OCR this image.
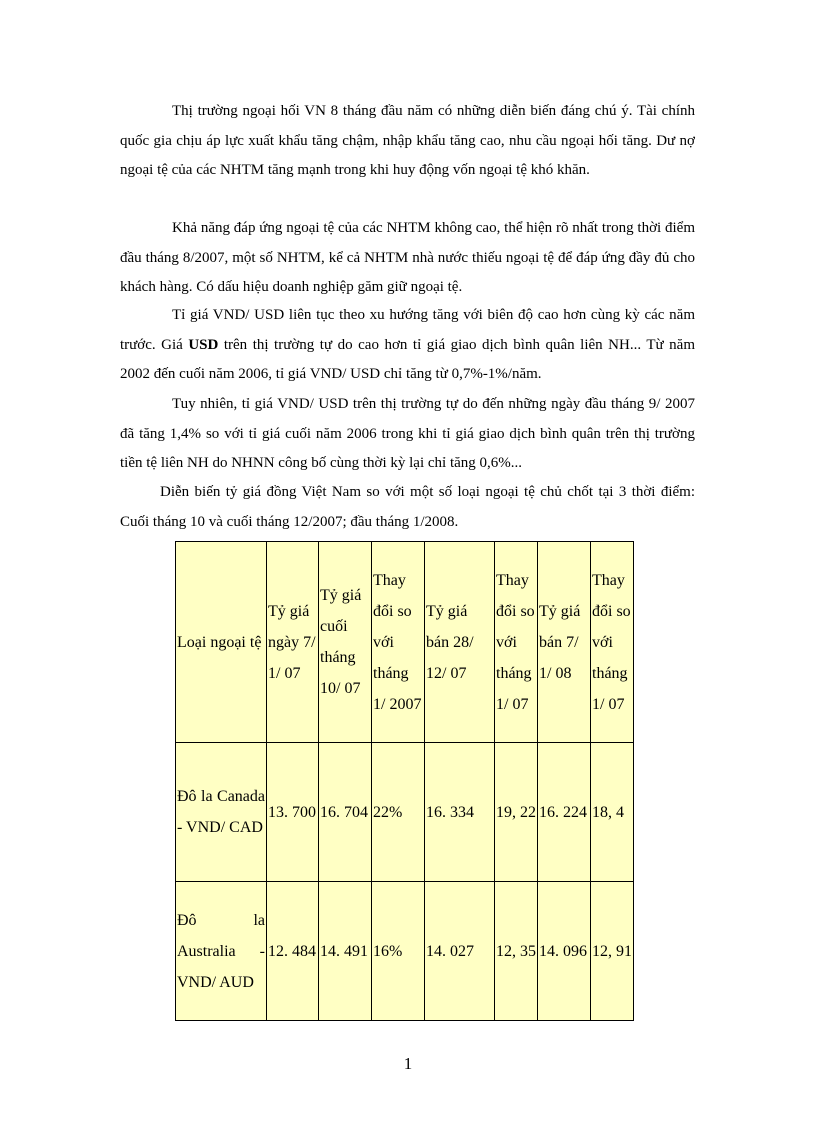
Thị trường ngoại hối VN 8 tháng đầu năm có những diễn biến đáng chú ý. Tài chính quốc gia chịu áp lực xuất khẩu tăng chậm, nhập khẩu tăng cao, nhu cầu ngoại hối tăng. Dư nợ ngoại tệ của các NHTM tăng mạnh trong khi huy động vốn ngoại tệ khó khăn.

Khả năng đáp ứng ngoại tệ của các NHTM không cao, thể hiện rõ nhất trong thời điểm đầu tháng 8/2007, một số NHTM, kể cả NHTM nhà nước thiếu ngoại tệ để đáp ứng đầy đủ cho khách hàng. Có dấu hiệu doanh nghiệp găm giữ ngoại tệ.

Tỉ giá VND/ USD liên tục theo xu hướng tăng với biên độ cao hơn cùng kỳ các năm trước. Giá USD trên thị trường tự do cao hơn tỉ giá giao dịch bình quân liên NH... Từ năm 2002 đến cuối năm 2006, tỉ giá VND/ USD chỉ tăng từ 0,7%-1%/năm.

Tuy nhiên, tỉ giá VND/ USD trên thị trường tự do đến những ngày đầu tháng 9/ 2007 đã tăng 1,4% so với tỉ giá cuối năm 2006 trong khi tỉ giá giao dịch bình quân trên thị trường tiền tệ liên NH do NHNN công bố cùng thời kỳ lại chỉ tăng 0,6%...

Diễn biến tỷ giá đồng Việt Nam so với một số loại ngoại tệ chủ chốt tại 3 thời điểm: Cuối tháng 10 và cuối tháng 12/2007; đầu tháng 1/2008.

Loại ngoại tệ	Tỷ giá ngày 7/ 1/ 07	Tỷ giá cuối tháng 10/ 07	Thay đổi so với tháng 1/ 2007	Tỷ giá bán 28/ 12/ 07	Thay đổi so với tháng 1/ 07	Tỷ giá bán 7/ 1/ 08	Thay đổi so với tháng 1/ 07
Đô la Canada - VND/ CAD	13. 700	16. 704	22%	16. 334	19, 22	16. 224	18, 4
Đô la Australia - VND/ AUD	12. 484	14. 491	16%	14. 027	12, 35	14. 096	12, 91
1
